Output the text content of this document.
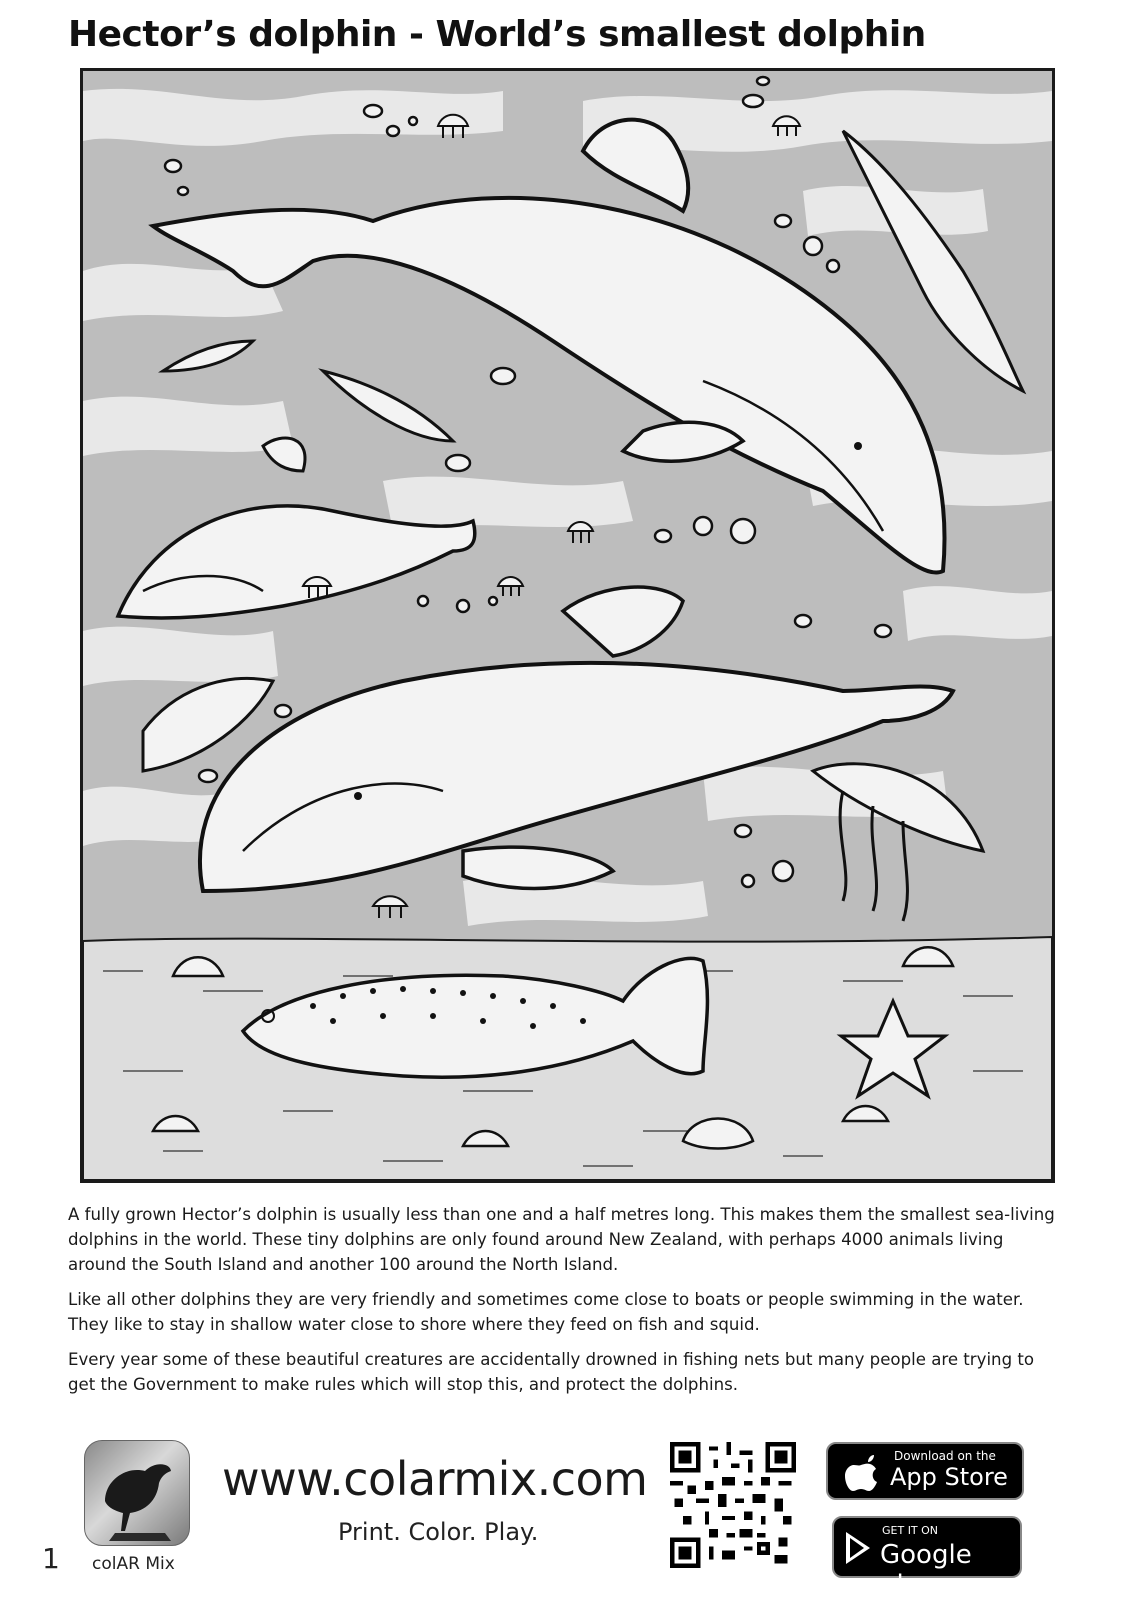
Hector’s dolphin - World’s smallest dolphin

A fully grown Hector’s dolphin is usually less than one and a half metres long. This makes them the smallest sea-living dolphins in the world. These tiny dolphins are only found around New Zealand, with perhaps 4000 animals living around the South Island and another 100 around the North Island.

Like all other dolphins they are very friendly and sometimes come close to boats or people swimming in the water. They like to stay in shallow water close to shore where they feed on fish and squid.

Every year some of these beautiful creatures are accidentally drowned in fishing nets but many people are trying to get the Government to make rules which will stop this, and protect the dolphins.

colAR Mix
1
www.colarmix.com
Print. Color. Play.
Download on the
App Store
GET IT ON
Google play
